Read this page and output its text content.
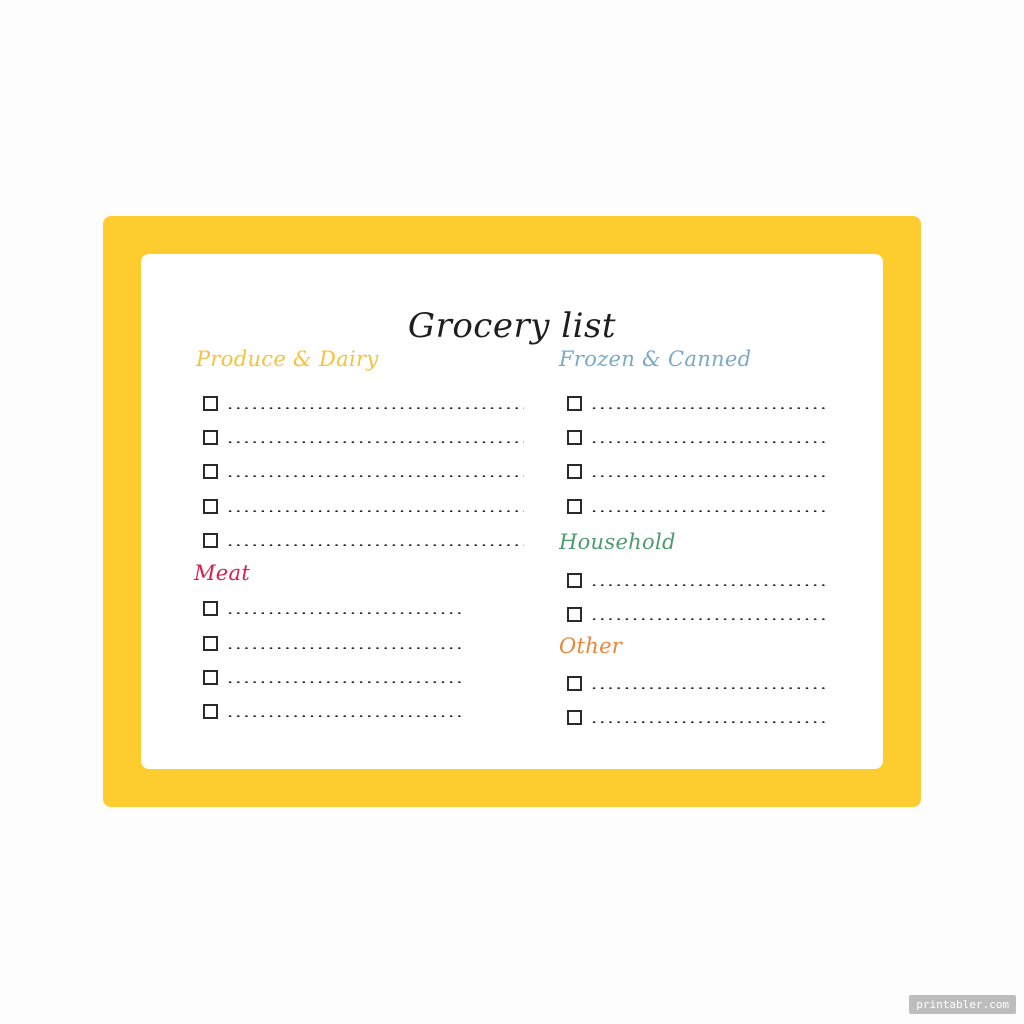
Grocery list
Produce & Dairy
Meat
Frozen & Canned
Household
Other
printabler.com
